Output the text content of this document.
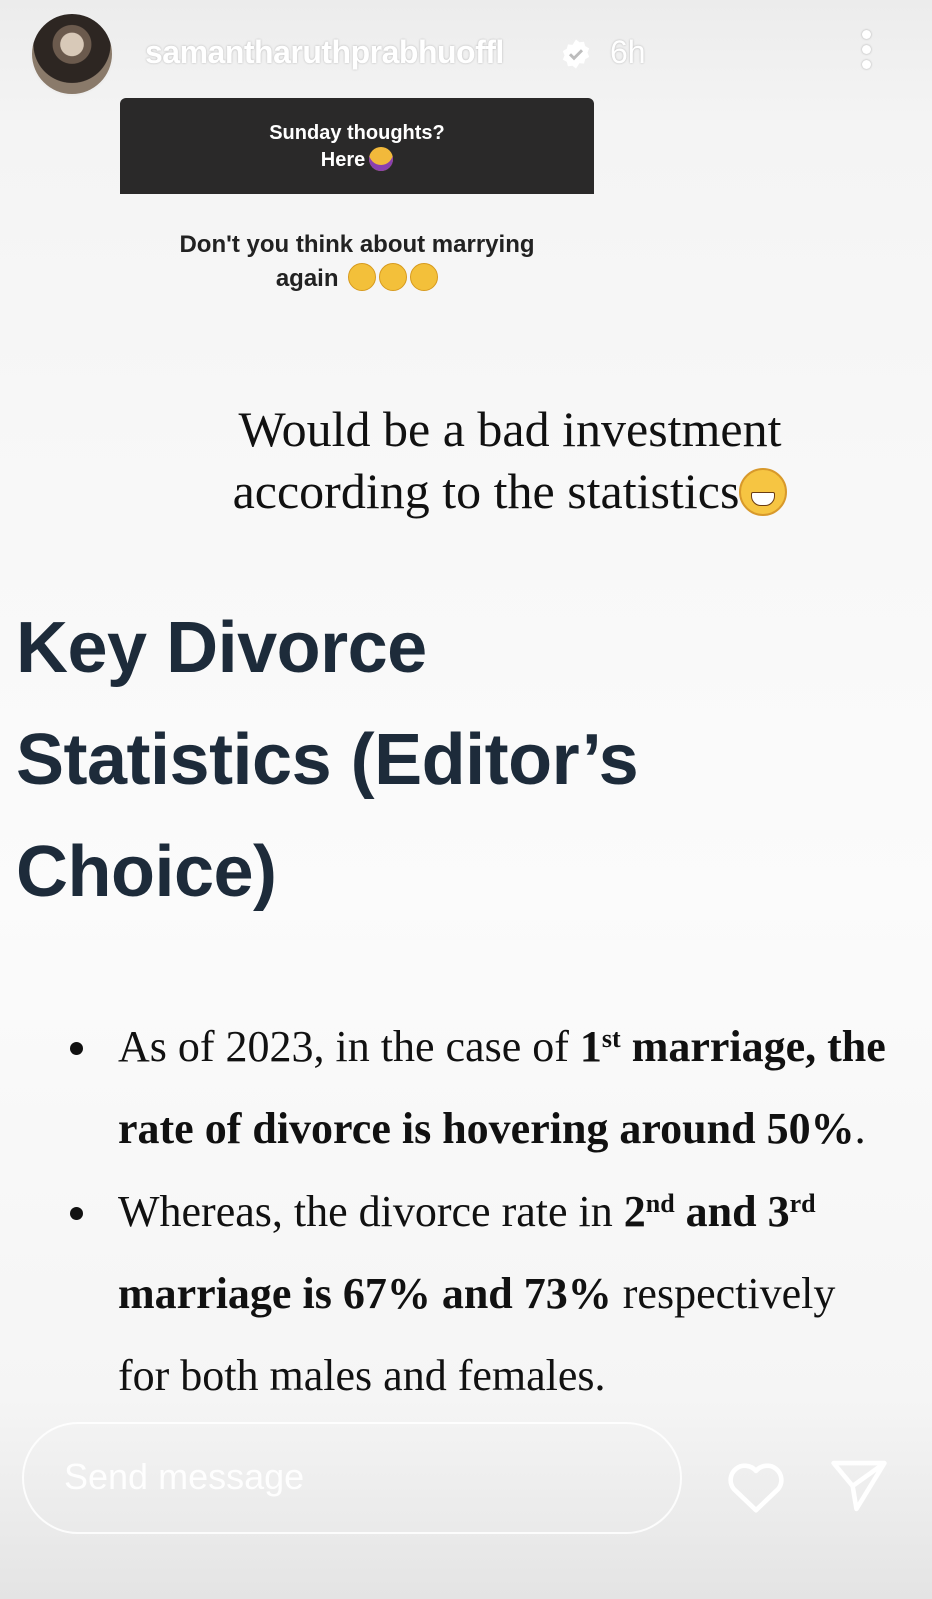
samantharuthprabhuoffl	6h
Sunday thoughts?
Here
Don't you think about marrying
again
Would be a bad investment
according to the statistics
Key Divorce
Statistics (Editor’s
Choice)
As of 2023, in the case of 1st marriage, the rate of divorce is hovering around 50%.
Whereas, the divorce rate in 2nd and 3rd marriage is 67% and 73% respectively for both males and females.
Send message
